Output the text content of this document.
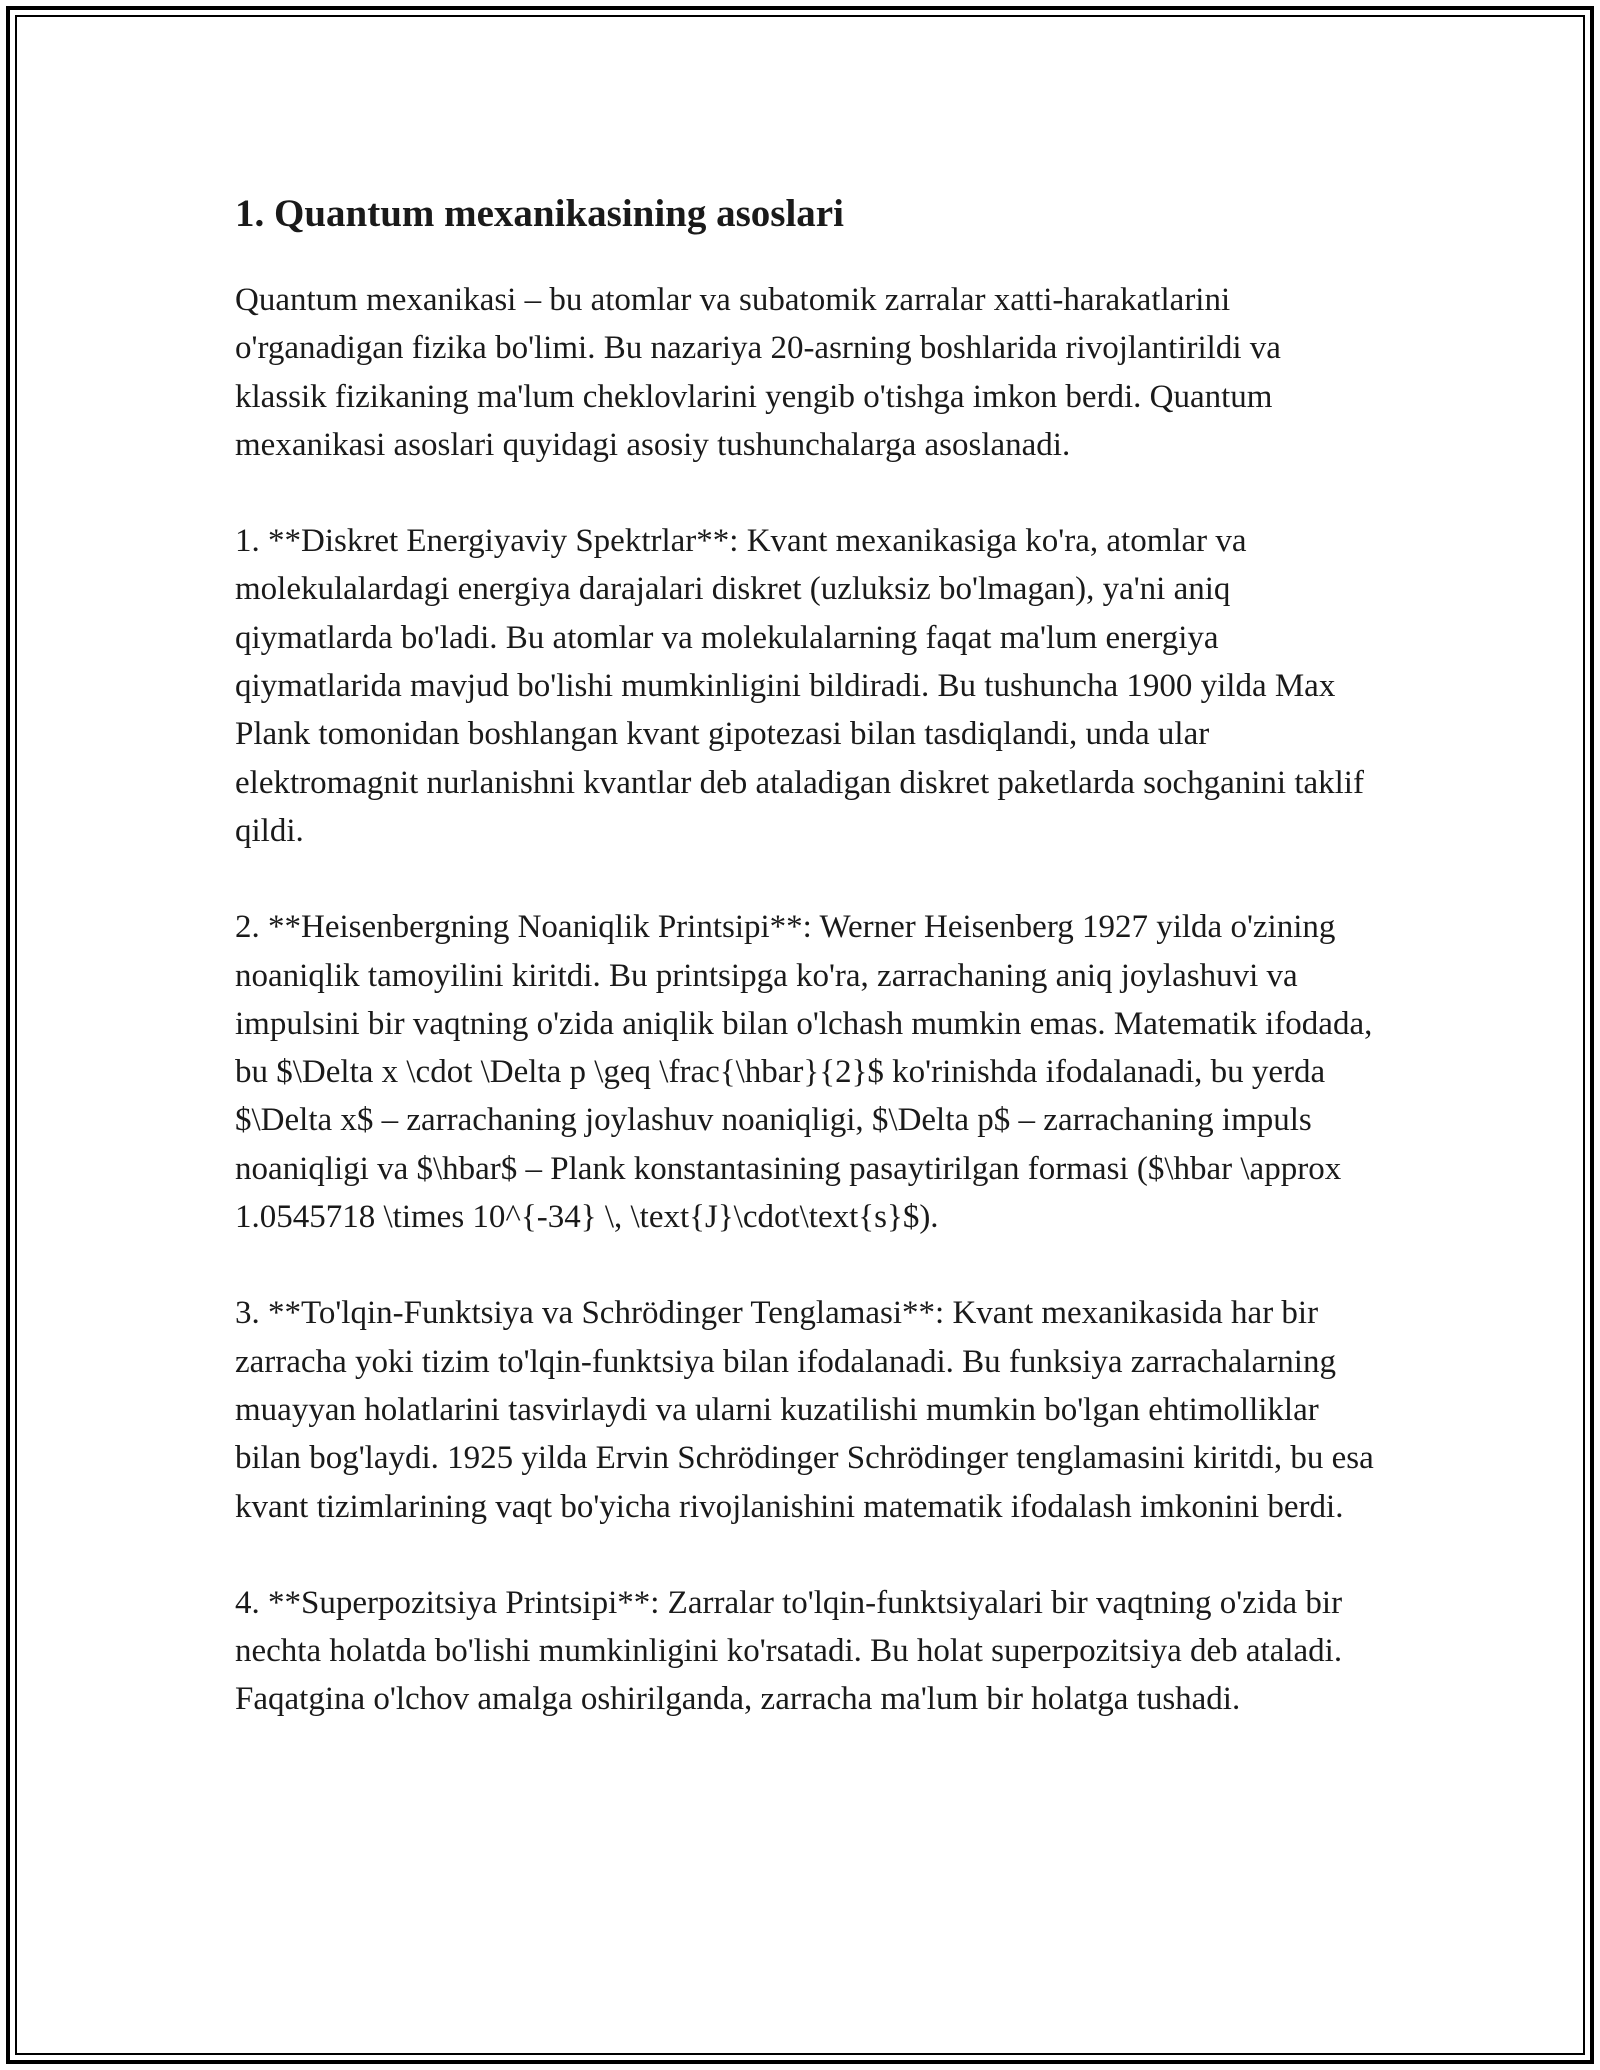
1. Quantum mexanikasining asoslari

Quantum mexanikasi – bu atomlar va subatomik zarralar xatti-harakatlarini o'rganadigan fizika bo'limi. Bu nazariya 20-asrning boshlarida rivojlantirildi va klassik fizikaning ma'lum cheklovlarini yengib o'tishga imkon berdi. Quantum mexanikasi asoslari quyidagi asosiy tushunchalarga asoslanadi.

1. **Diskret Energiyaviy Spektrlar**: Kvant mexanikasiga ko'ra, atomlar va molekulalardagi energiya darajalari diskret (uzluksiz bo'lmagan), ya'ni aniq qiymatlarda bo'ladi. Bu atomlar va molekulalarning faqat ma'lum energiya qiymatlarida mavjud bo'lishi mumkinligini bildiradi. Bu tushuncha 1900 yilda Max Plank tomonidan boshlangan kvant gipotezasi bilan tasdiqlandi, unda ular elektromagnit nurlanishni kvantlar deb ataladigan diskret paketlarda sochganini taklif qildi.

2. **Heisenbergning Noaniqlik Printsipi**: Werner Heisenberg 1927 yilda o'zining noaniqlik tamoyilini kiritdi. Bu printsipga ko'ra, zarrachaning aniq joylashuvi va impulsini bir vaqtning o'zida aniqlik bilan o'lchash mumkin emas. Matematik ifodada, bu $\Delta x \cdot \Delta p \geq \frac{\hbar}{2}$ ko'rinishda ifodalanadi, bu yerda $\Delta x$ – zarrachaning joylashuv noaniqligi, $\Delta p$ – zarrachaning impuls noaniqligi va $\hbar$ – Plank konstantasining pasaytirilgan formasi ($\hbar \approx 1.0545718 \times 10^{-34} \, \text{J}\cdot\text{s}$).

3. **To'lqin-Funktsiya va Schrödinger Tenglamasi**: Kvant mexanikasida har bir zarracha yoki tizim to'lqin-funktsiya bilan ifodalanadi. Bu funksiya zarrachalarning muayyan holatlarini tasvirlaydi va ularni kuzatilishi mumkin bo'lgan ehtimolliklar bilan bog'laydi. 1925 yilda Ervin Schrödinger Schrödinger tenglamasini kiritdi, bu esa kvant tizimlarining vaqt bo'yicha rivojlanishini matematik ifodalash imkonini berdi.

4. **Superpozitsiya Printsipi**: Zarralar to'lqin-funktsiyalari bir vaqtning o'zida bir nechta holatda bo'lishi mumkinligini ko'rsatadi. Bu holat superpozitsiya deb ataladi. Faqatgina o'lchov amalga oshirilganda, zarracha ma'lum bir holatga tushadi.
